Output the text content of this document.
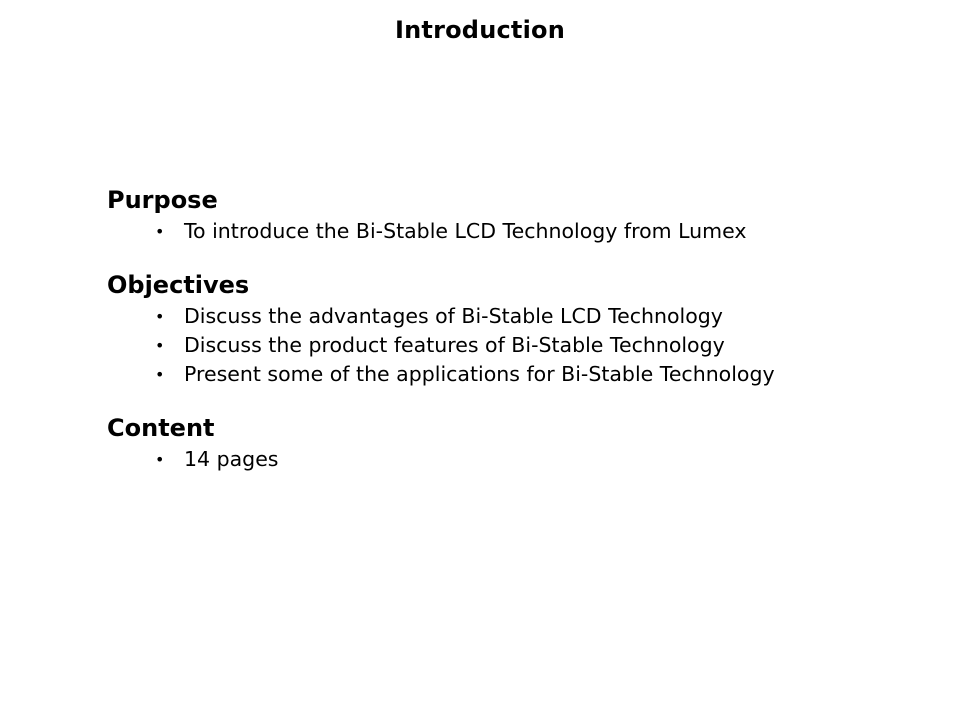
Introduction
Purpose
• To introduce the Bi-Stable LCD Technology from Lumex
Objectives
• Discuss the advantages of Bi-Stable LCD Technology
• Discuss the product features of Bi-Stable Technology
• Present some of the applications for Bi-Stable Technology
Content
• 14 pages
